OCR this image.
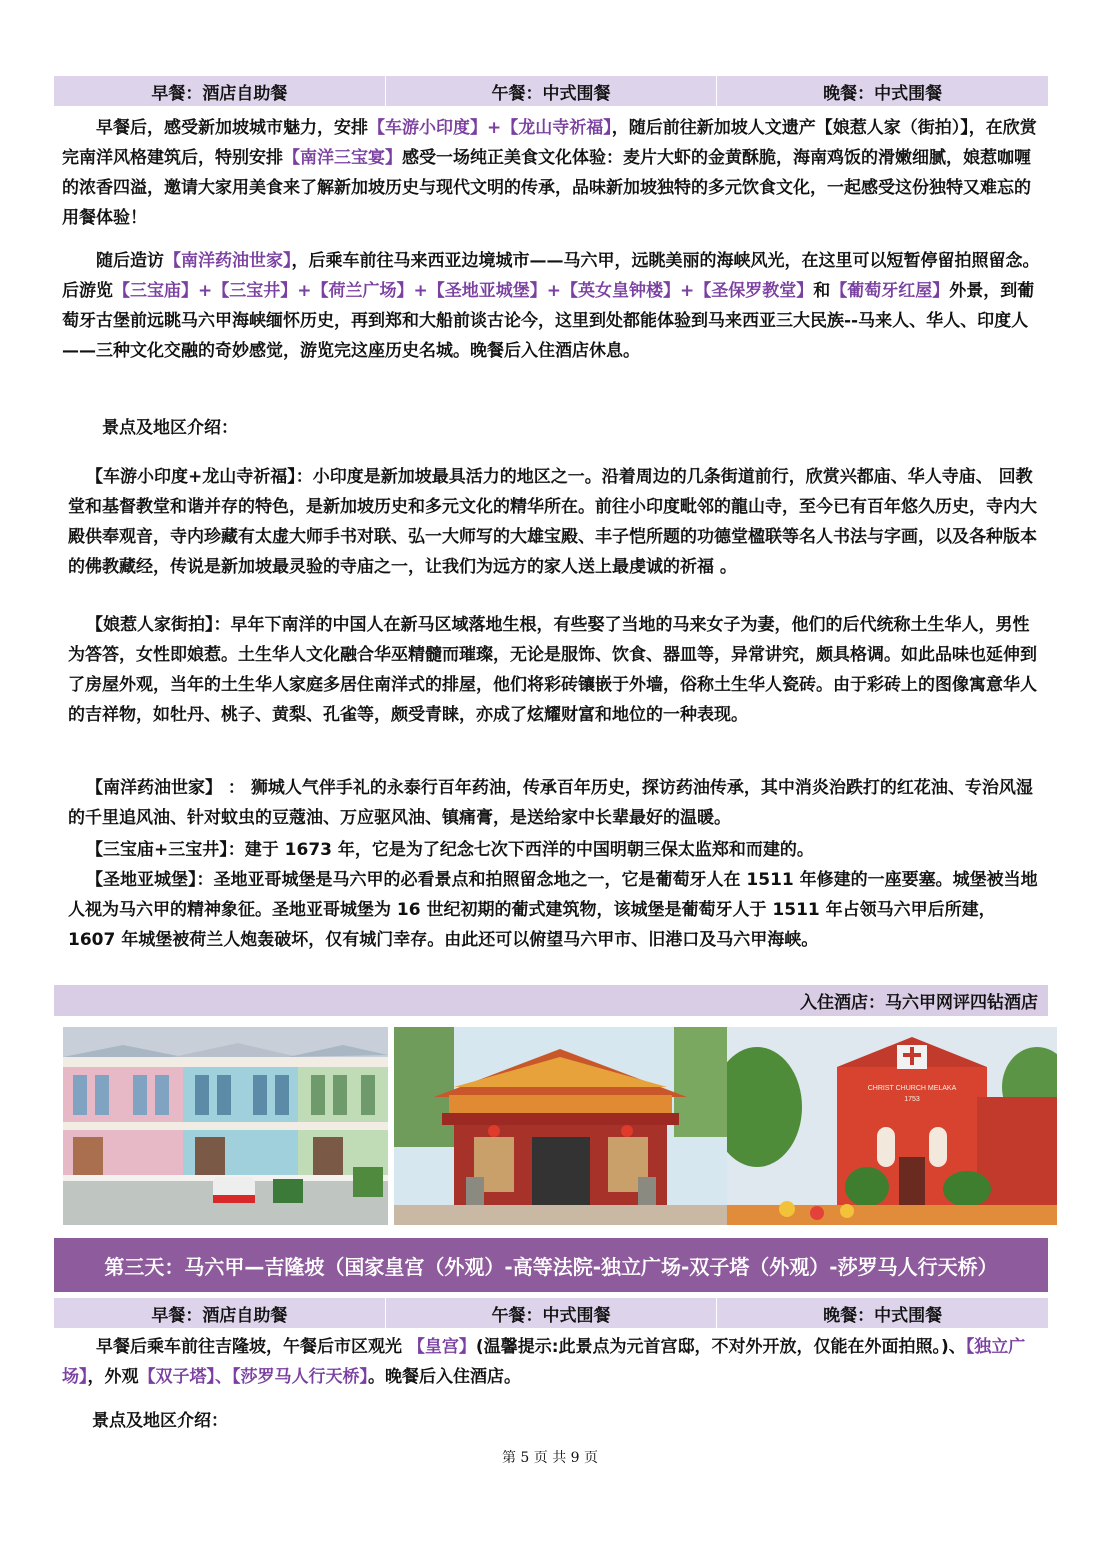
早餐：酒店自助餐	午餐：中式围餐	晚餐：中式围餐

早餐后，感受新加坡城市魅力，安排【车游小印度】+【龙山寺祈福】，随后前往新加坡人文遗产【娘惹人家（街拍）】，在欣赏完南洋风格建筑后，特别安排【南洋三宝宴】感受一场纯正美食文化体验：麦片大虾的金黄酥脆，海南鸡饭的滑嫩细腻，娘惹咖喱的浓香四溢，邀请大家用美食来了解新加坡历史与现代文明的传承，品味新加坡独特的多元饮食文化，一起感受这份独特又难忘的用餐体验！

随后造访【南洋药油世家】，后乘车前往马来西亚边境城市——马六甲，远眺美丽的海峡风光，在这里可以短暂停留拍照留念。后游览【三宝庙】+【三宝井】+【荷兰广场】+【圣地亚城堡】+【英女皇钟楼】+【圣保罗教堂】和【葡萄牙红屋】外景，到葡萄牙古堡前远眺马六甲海峡缅怀历史，再到郑和大船前谈古论今，这里到处都能体验到马来西亚三大民族--马来人、华人、印度人——三种文化交融的奇妙感觉，游览完这座历史名城。晚餐后入住酒店休息。

景点及地区介绍：

【车游小印度+龙山寺祈福】：小印度是新加坡最具活力的地区之一。沿着周边的几条街道前行，欣赏兴都庙、华人寺庙、 回教堂和基督教堂和谐并存的特色，是新加坡历史和多元文化的精华所在。前往小印度毗邻的龍山寺，至今已有百年悠久历史，寺内大殿供奉观音，寺内珍藏有太虚大师手书对联、弘一大师写的大雄宝殿、丰子恺所题的功德堂楹联等名人书法与字画，以及各种版本的佛教藏经，传说是新加坡最灵验的寺庙之一，让我们为远方的家人送上最虔诚的祈福 。

【娘惹人家街拍】：早年下南洋的中国人在新马区域落地生根，有些娶了当地的马来女子为妻，他们的后代统称土生华人，男性为答答，女性即娘惹。土生华人文化融合华巫精髓而璀璨，无论是服饰、饮食、器皿等，异常讲究，颇具格调。如此品味也延伸到了房屋外观，当年的土生华人家庭多居住南洋式的排屋，他们将彩砖镶嵌于外墙，俗称土生华人瓷砖。由于彩砖上的图像寓意华人的吉祥物，如牡丹、桃子、黄梨、孔雀等，颇受青睐，亦成了炫耀财富和地位的一种表现。

【南洋药油世家】 ： 狮城人气伴手礼的永泰行百年药油，传承百年历史，探访药油传承，其中消炎治跌打的红花油、专治风湿的千里追风油、针对蚊虫的豆蔻油、万应驱风油、镇痛膏，是送给家中长辈最好的温暖。

【三宝庙+三宝井】：建于 1673 年，它是为了纪念七次下西洋的中国明朝三保太监郑和而建的。

【圣地亚城堡】：圣地亚哥城堡是马六甲的必看景点和拍照留念地之一，它是葡萄牙人在 1511 年修建的一座要塞。城堡被当地人视为马六甲的精神象征。圣地亚哥城堡为 16 世纪初期的葡式建筑物，该城堡是葡萄牙人于 1511 年占领马六甲后所建，1607 年城堡被荷兰人炮轰破坏，仅有城门幸存。由此还可以俯望马六甲市、旧港口及马六甲海峡。

入住酒店：马六甲网评四钻酒店
CHRIST CHURCH MELAKA
1753
第三天：马六甲—吉隆坡（国家皇宫（外观）-高等法院-独立广场-双子塔（外观）-莎罗马人行天桥）
早餐：酒店自助餐	午餐：中式围餐	晚餐：中式围餐

早餐后乘车前往吉隆坡，午餐后市区观光 【皇宫】(温馨提示:此景点为元首宫邸，不对外开放，仅能在外面拍照。)、【独立广场】，外观【双子塔】、【莎罗马人行天桥】。晚餐后入住酒店。

景点及地区介绍：

第 5 页 共 9 页
